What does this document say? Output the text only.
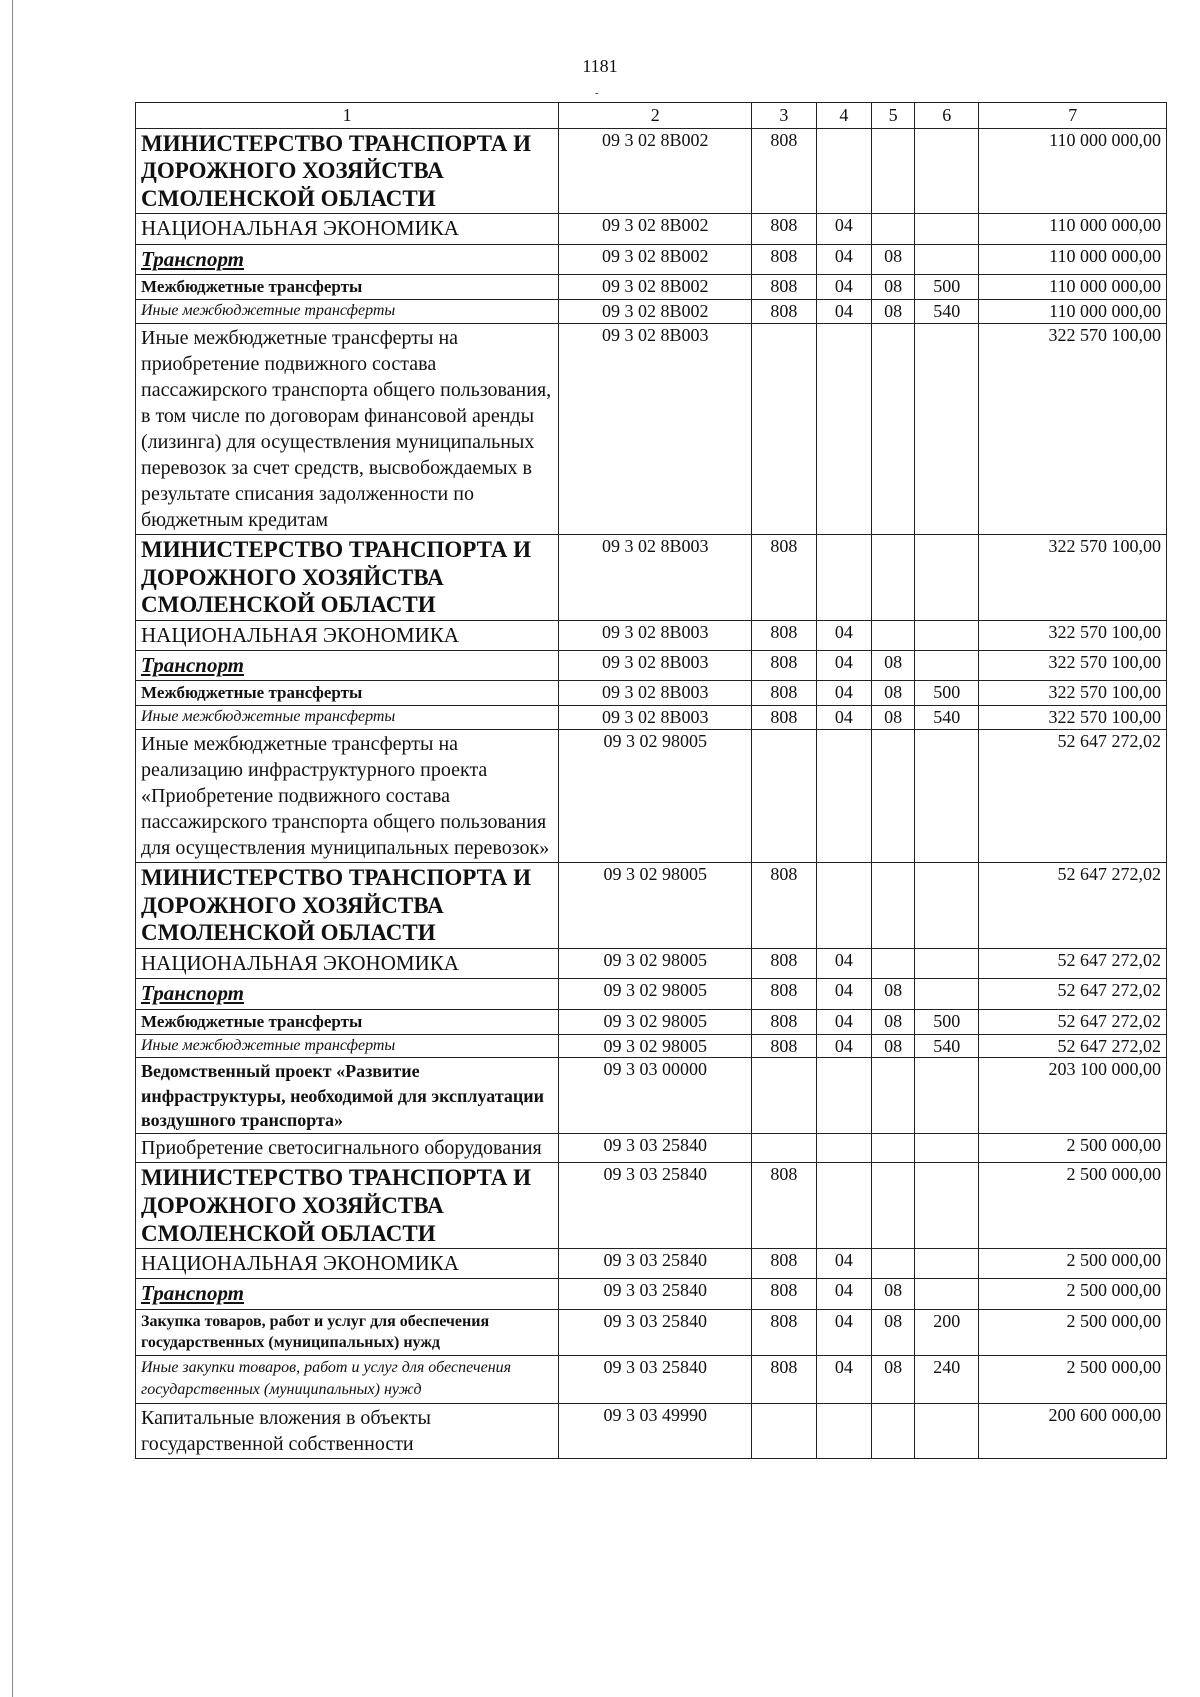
1181
-
1	2	3	4	5	6	7
МИНИСТЕРСТВО ТРАНСПОРТА И ДОРОЖНОГО ХОЗЯЙСТВА СМОЛЕНСКОЙ ОБЛАСТИ	09 3 02 8В002	808				110 000 000,00
НАЦИОНАЛЬНАЯ ЭКОНОМИКА	09 3 02 8В002	808	04			110 000 000,00
Транспорт	09 3 02 8В002	808	04	08		110 000 000,00
Межбюджетные трансферты	09 3 02 8В002	808	04	08	500	110 000 000,00
Иные межбюджетные трансферты	09 3 02 8В002	808	04	08	540	110 000 000,00
Иные межбюджетные трансферты на приобретение подвижного состава пассажирского транспорта общего пользования, в том числе по договорам финансовой аренды (лизинга) для осуществления муниципальных перевозок за счет средств, высвобождаемых в результате списания задолженности по бюджетным кредитам	09 3 02 8В003					322 570 100,00
МИНИСТЕРСТВО ТРАНСПОРТА И ДОРОЖНОГО ХОЗЯЙСТВА СМОЛЕНСКОЙ ОБЛАСТИ	09 3 02 8В003	808				322 570 100,00
НАЦИОНАЛЬНАЯ ЭКОНОМИКА	09 3 02 8В003	808	04			322 570 100,00
Транспорт	09 3 02 8В003	808	04	08		322 570 100,00
Межбюджетные трансферты	09 3 02 8В003	808	04	08	500	322 570 100,00
Иные межбюджетные трансферты	09 3 02 8В003	808	04	08	540	322 570 100,00
Иные межбюджетные трансферты на реализацию инфраструктурного проекта «Приобретение подвижного состава пассажирского транспорта общего пользования для осуществления муниципальных перевозок»	09 3 02 98005					52 647 272,02
МИНИСТЕРСТВО ТРАНСПОРТА И ДОРОЖНОГО ХОЗЯЙСТВА СМОЛЕНСКОЙ ОБЛАСТИ	09 3 02 98005	808				52 647 272,02
НАЦИОНАЛЬНАЯ ЭКОНОМИКА	09 3 02 98005	808	04			52 647 272,02
Транспорт	09 3 02 98005	808	04	08		52 647 272,02
Межбюджетные трансферты	09 3 02 98005	808	04	08	500	52 647 272,02
Иные межбюджетные трансферты	09 3 02 98005	808	04	08	540	52 647 272,02
Ведомственный проект «Развитие инфраструктуры, необходимой для эксплуатации воздушного транспорта»	09 3 03 00000					203 100 000,00
Приобретение светосигнального оборудования	09 3 03 25840					2 500 000,00
МИНИСТЕРСТВО ТРАНСПОРТА И ДОРОЖНОГО ХОЗЯЙСТВА СМОЛЕНСКОЙ ОБЛАСТИ	09 3 03 25840	808				2 500 000,00
НАЦИОНАЛЬНАЯ ЭКОНОМИКА	09 3 03 25840	808	04			2 500 000,00
Транспорт	09 3 03 25840	808	04	08		2 500 000,00
Закупка товаров, работ и услуг для обеспечения государственных (муниципальных) нужд	09 3 03 25840	808	04	08	200	2 500 000,00
Иные закупки товаров, работ и услуг для обеспечения государственных (муниципальных) нужд	09 3 03 25840	808	04	08	240	2 500 000,00
Капитальные вложения в объекты государственной собственности	09 3 03 49990					200 600 000,00
